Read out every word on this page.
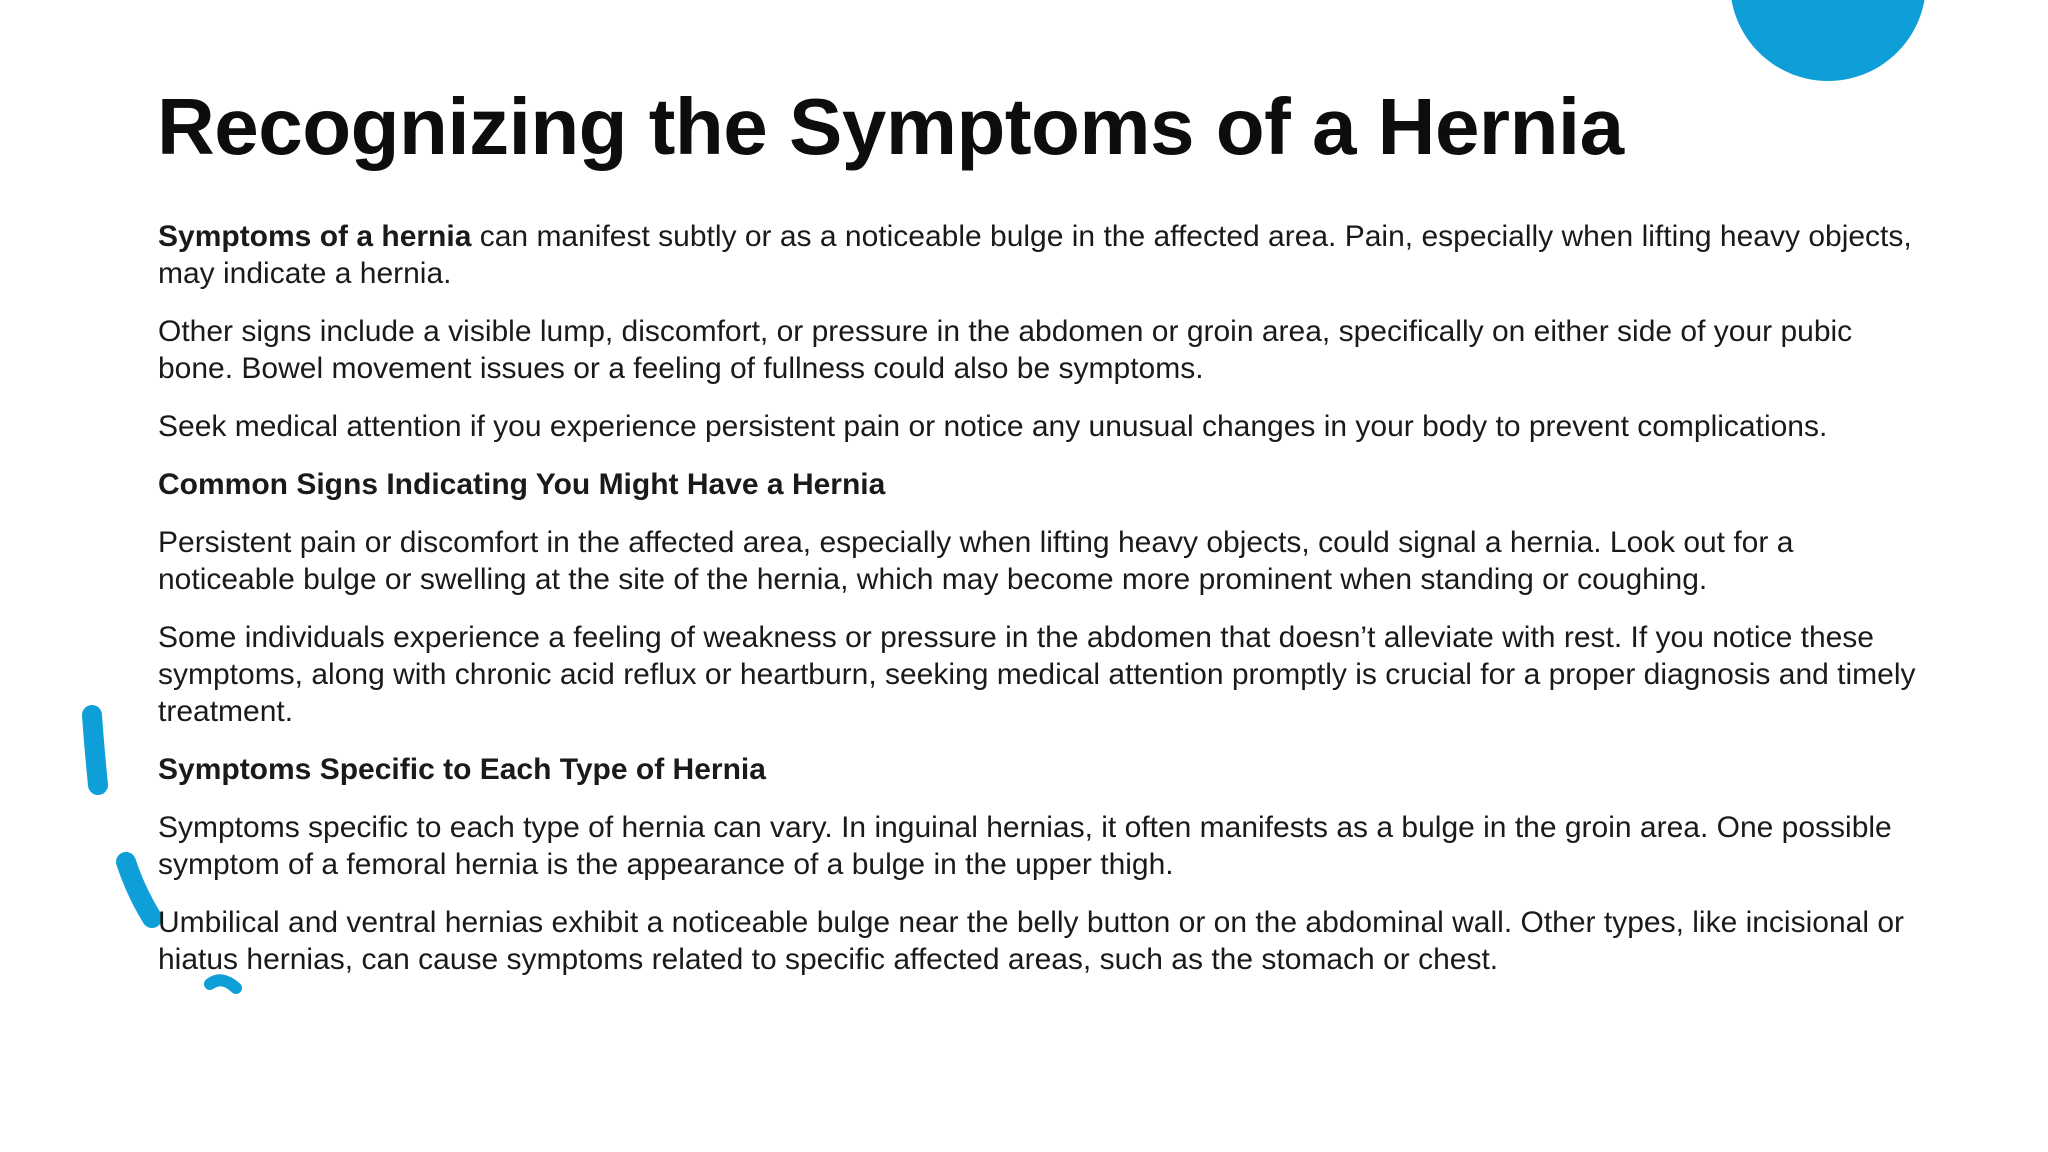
Recognizing the Symptoms of a Hernia

Symptoms of a hernia can manifest subtly or as a noticeable bulge in the affected area. Pain, especially when lifting heavy objects, may indicate a hernia.

Other signs include a visible lump, discomfort, or pressure in the abdomen or groin area, specifically on either side of your pubic bone. Bowel movement issues or a feeling of fullness could also be symptoms.

Seek medical attention if you experience persistent pain or notice any unusual changes in your body to prevent complications.

Common Signs Indicating You Might Have a Hernia

Persistent pain or discomfort in the affected area, especially when lifting heavy objects, could signal a hernia. Look out for a noticeable bulge or swelling at the site of the hernia, which may become more prominent when standing or coughing.

Some individuals experience a feeling of weakness or pressure in the abdomen that doesn’t alleviate with rest. If you notice these symptoms, along with chronic acid reflux or heartburn, seeking medical attention promptly is crucial for a proper diagnosis and timely treatment.

Symptoms Specific to Each Type of Hernia

Symptoms specific to each type of hernia can vary. In inguinal hernias, it often manifests as a bulge in the groin area. One possible symptom of a femoral hernia is the appearance of a bulge in the upper thigh.

Umbilical and ventral hernias exhibit a noticeable bulge near the belly button or on the abdominal wall. Other types, like incisional or hiatus hernias, can cause symptoms related to specific affected areas, such as the stomach or chest.
